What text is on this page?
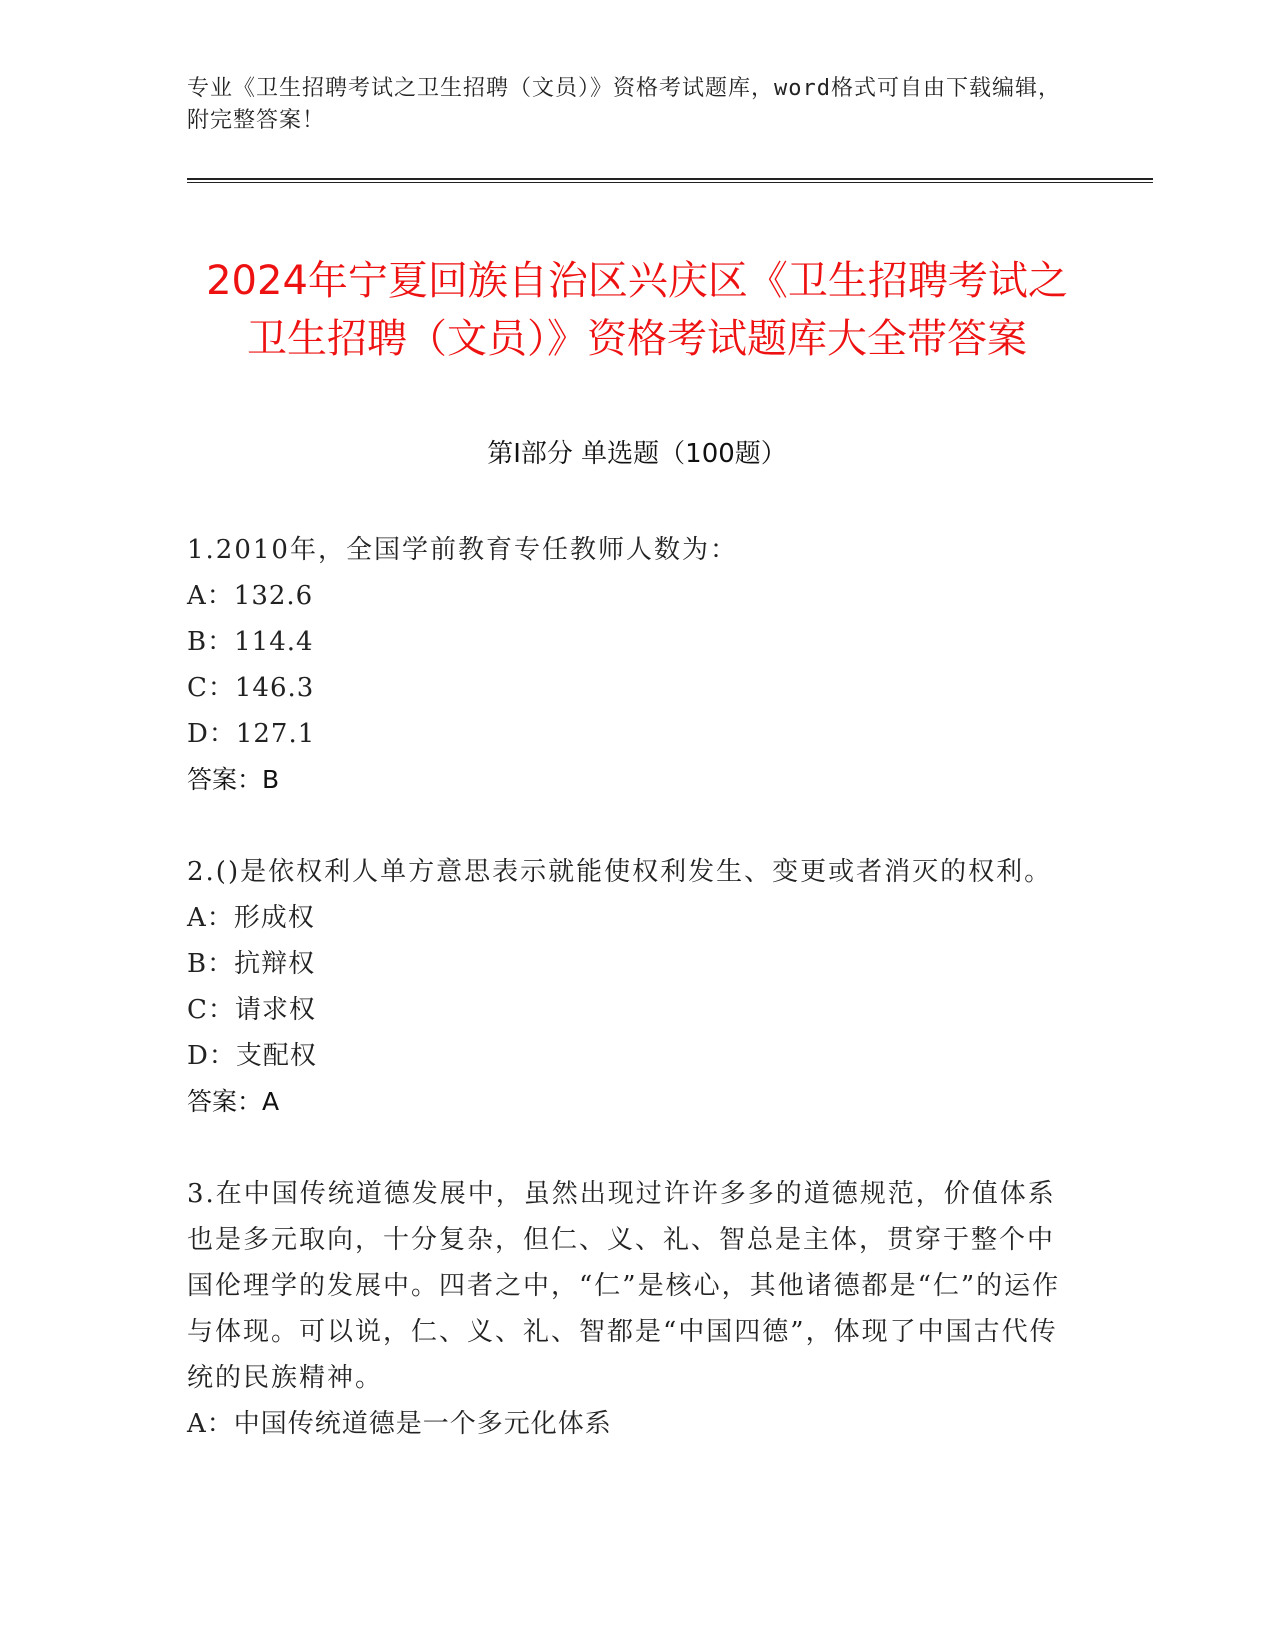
专业《卫生招聘考试之卫生招聘（文员）》资格考试题库，word格式可自由下载编辑，附完整答案！
2024年宁夏回族自治区兴庆区《卫生招聘考试之卫生招聘（文员）》资格考试题库大全带答案
第Ⅰ部分 单选题（100题）

1.2010年，全国学前教育专任教师人数为：

A：132.6

B：114.4

C：146.3

D：127.1

答案：B

2.()是依权利人单方意思表示就能使权利发生、变更或者消灭的权利。

A：形成权

B：抗辩权

C：请求权

D：支配权

答案：A

3.在中国传统道德发展中，虽然出现过许许多多的道德规范，价值体系也是多元取向，十分复杂，但仁、义、礼、智总是主体，贯穿于整个中国伦理学的发展中。四者之中，“仁”是核心，其他诸德都是“仁”的运作与体现。可以说，仁、义、礼、智都是“中国四德”，体现了中国古代传统的民族精神。

A：中国传统道德是一个多元化体系
